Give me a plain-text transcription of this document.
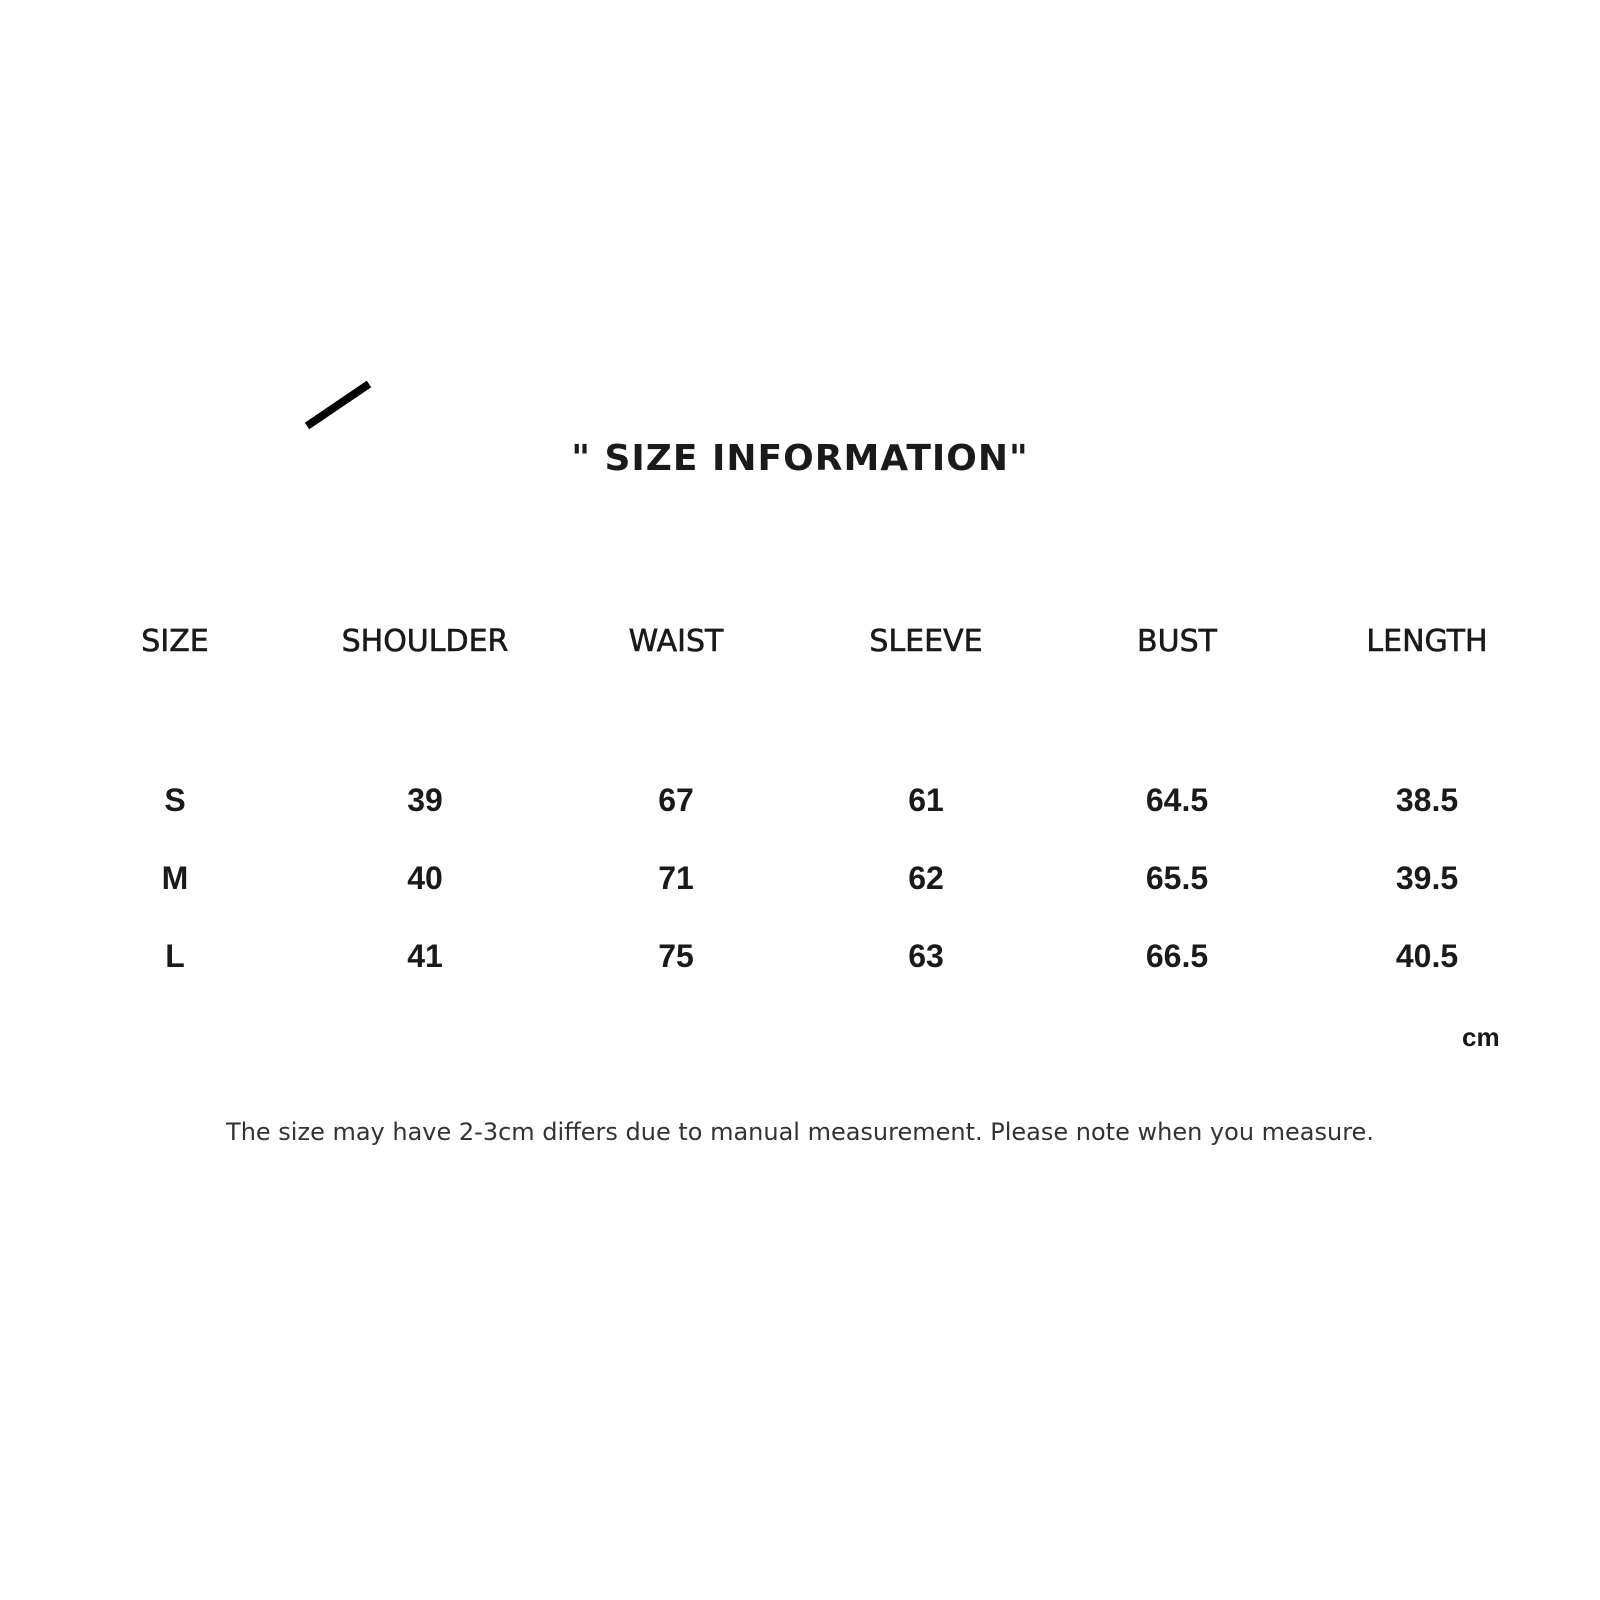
" SIZE INFORMATION"
SIZE	SHOULDER	WAIST	SLEEVE	BUST	LENGTH
S	39	67	61	64.5	38.5
M	40	71	62	65.5	39.5
L	41	75	63	66.5	40.5
cm
The size may have 2-3cm differs due to manual measurement. Please note when you measure.
